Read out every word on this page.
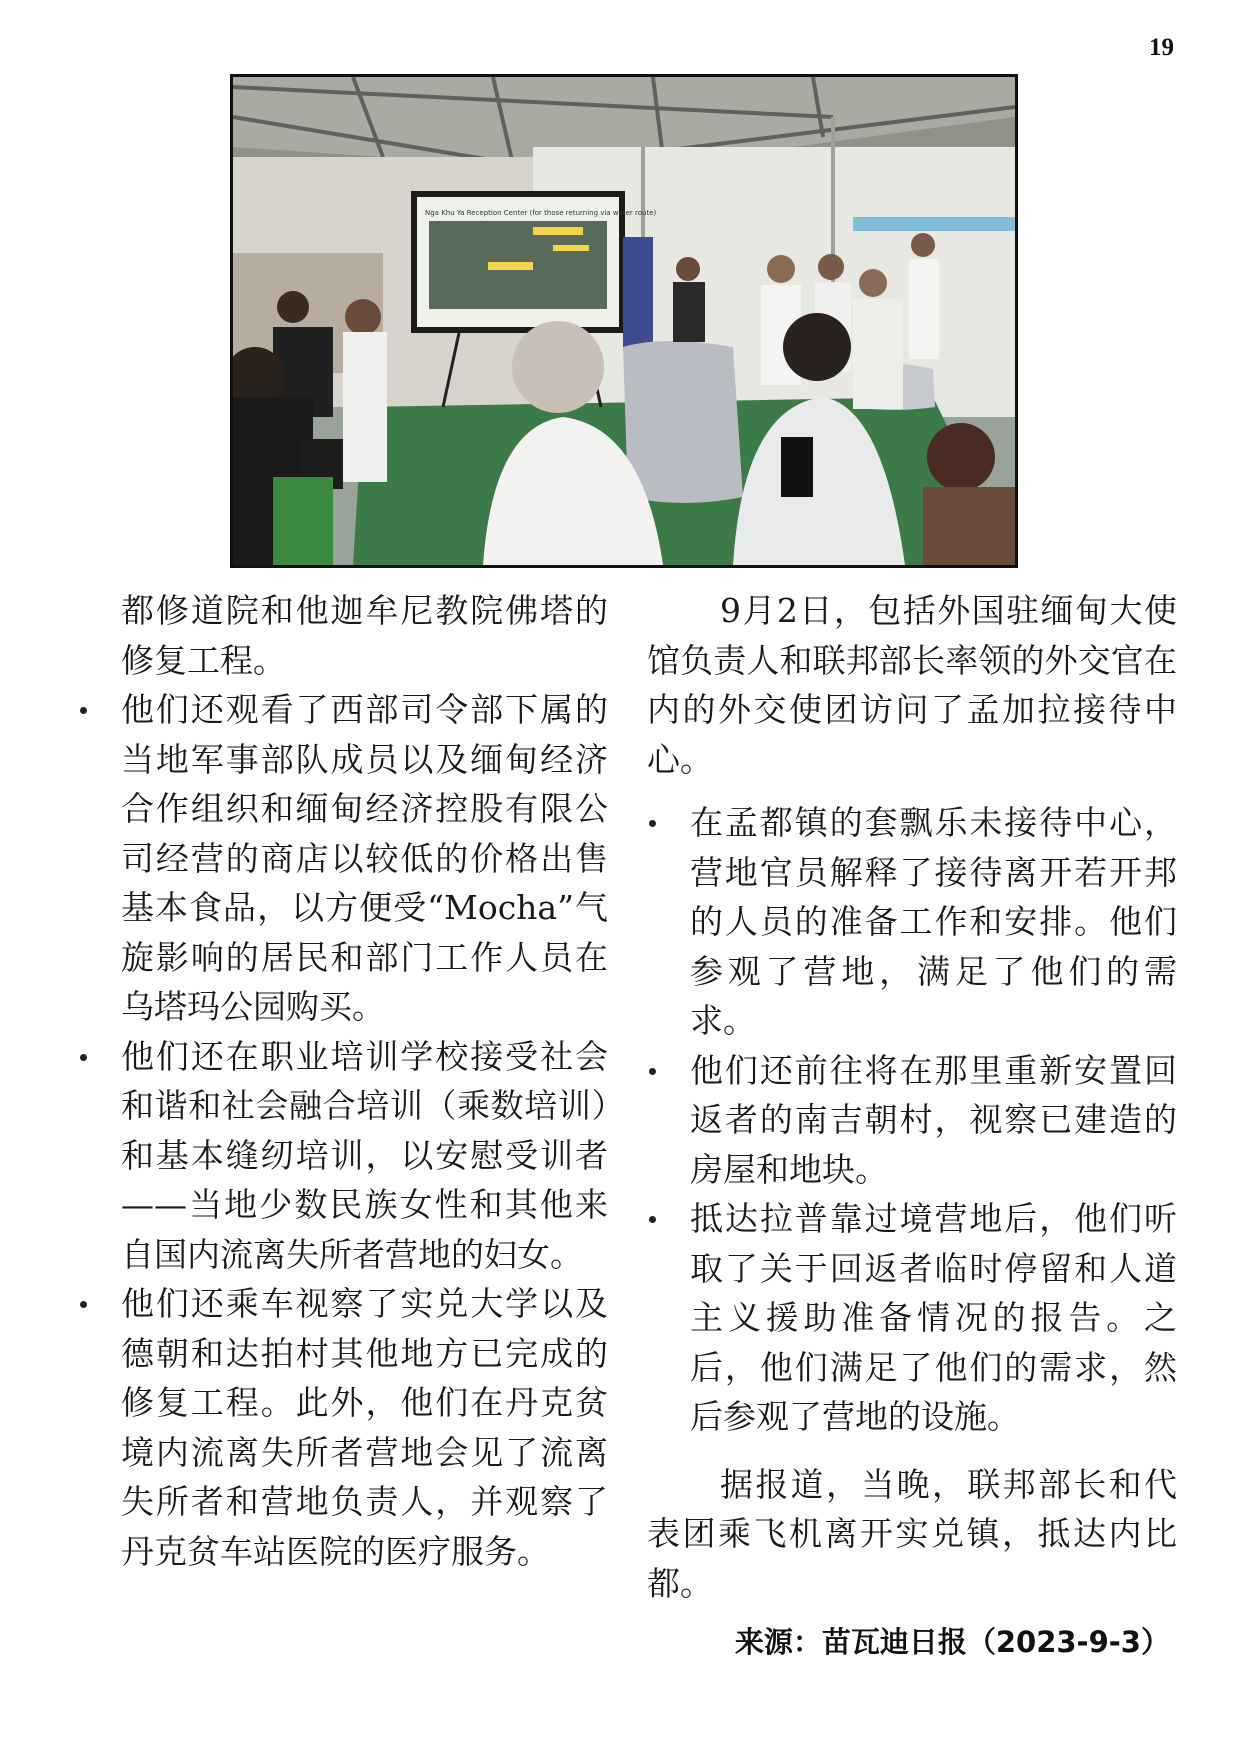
19
Nga Khu Ya Reception Center (for those returning via water route)

都修道院和他迦牟尼教院佛塔的修复工程。

他们还观看了西部司令部下属的当地军事部队成员以及缅甸经济合作组织和缅甸经济控股有限公司经营的商店以较低的价格出售基本食品，以方便受“Mocha”气旋影响的居民和部门工作人员在乌塔玛公园购买。
他们还在职业培训学校接受社会和谐和社会融合培训（乘数培训）和基本缝纫培训，以安慰受训者——当地少数民族女性和其他来自国内流离失所者营地的妇女。
他们还乘车视察了实兑大学以及德朝和达拍村其他地方已完成的修复工程。此外，他们在丹克贫境内流离失所者营地会见了流离失所者和营地负责人，并观察了丹克贫车站医院的医疗服务。

9月2日，包括外国驻缅甸大使馆负责人和联邦部长率领的外交官在内的外交使团访问了孟加拉接待中心。

在孟都镇的套飘乐未接待中心，营地官员解释了接待离开若开邦的人员的准备工作和安排。他们参观了营地，满足了他们的需求。
他们还前往将在那里重新安置回返者的南吉朝村，视察已建造的房屋和地块。
抵达拉普靠过境营地后，他们听取了关于回返者临时停留和人道主义援助准备情况的报告。之后，他们满足了他们的需求，然后参观了营地的设施。

据报道，当晚，联邦部长和代表团乘飞机离开实兑镇，抵达内比都。

来源：苗瓦迪日报（2023-9-3）
